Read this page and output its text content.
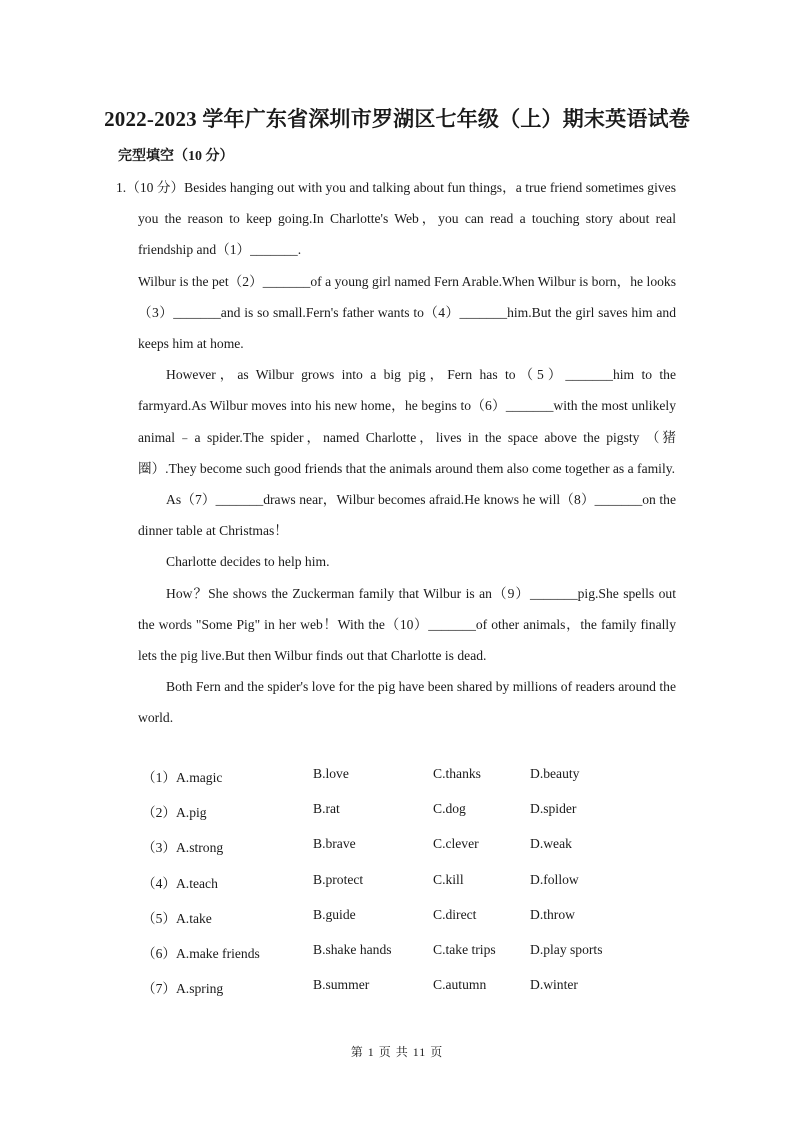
2022-2023 学年广东省深圳市罗湖区七年级（上）期末英语试卷
完型填空（10 分）

1.（10 分）Besides hanging out with you and talking about fun things，a true friend sometimes gives you the reason to keep going.In Charlotte's Web，you can read a touching story about real friendship and（1）_______.

Wilbur is the pet（2）_______of a young girl named Fern Arable.When Wilbur is born，he looks（3）_______and is so small.Fern's father wants to（4）_______him.But the girl saves him and keeps him at home.

However，as Wilbur grows into a big pig，Fern has to（5）_______him to the farmyard.As Wilbur moves into his new home，he begins to（6）_______with the most unlikely animal﹣a spider.The spider，named Charlotte，lives in the space above the pigsty （猪圈）.They become such good friends that the animals around them also come together as a family.

As（7）_______draws near，Wilbur becomes afraid.He knows he will（8）_______on the dinner table at Christmas！

Charlotte decides to help him.

How？She shows the Zuckerman family that Wilbur is an（9）_______pig.She spells out the words "Some Pig" in her web！With the（10）_______of other animals，the family finally lets the pig live.But then Wilbur finds out that Charlotte is dead.

Both Fern and the spider's love for the pig have been shared by millions of readers around the world.

（1）A.magic	B.love	C.thanks	D.beauty
（2）A.pig	B.rat	C.dog	D.spider
（3）A.strong	B.brave	C.clever	D.weak
（4）A.teach	B.protect	C.kill	D.follow
（5）A.take	B.guide	C.direct	D.throw
（6）A.make friends	B.shake hands	C.take trips	D.play sports
（7）A.spring	B.summer	C.autumn	D.winter
第 1 页 共 11 页
